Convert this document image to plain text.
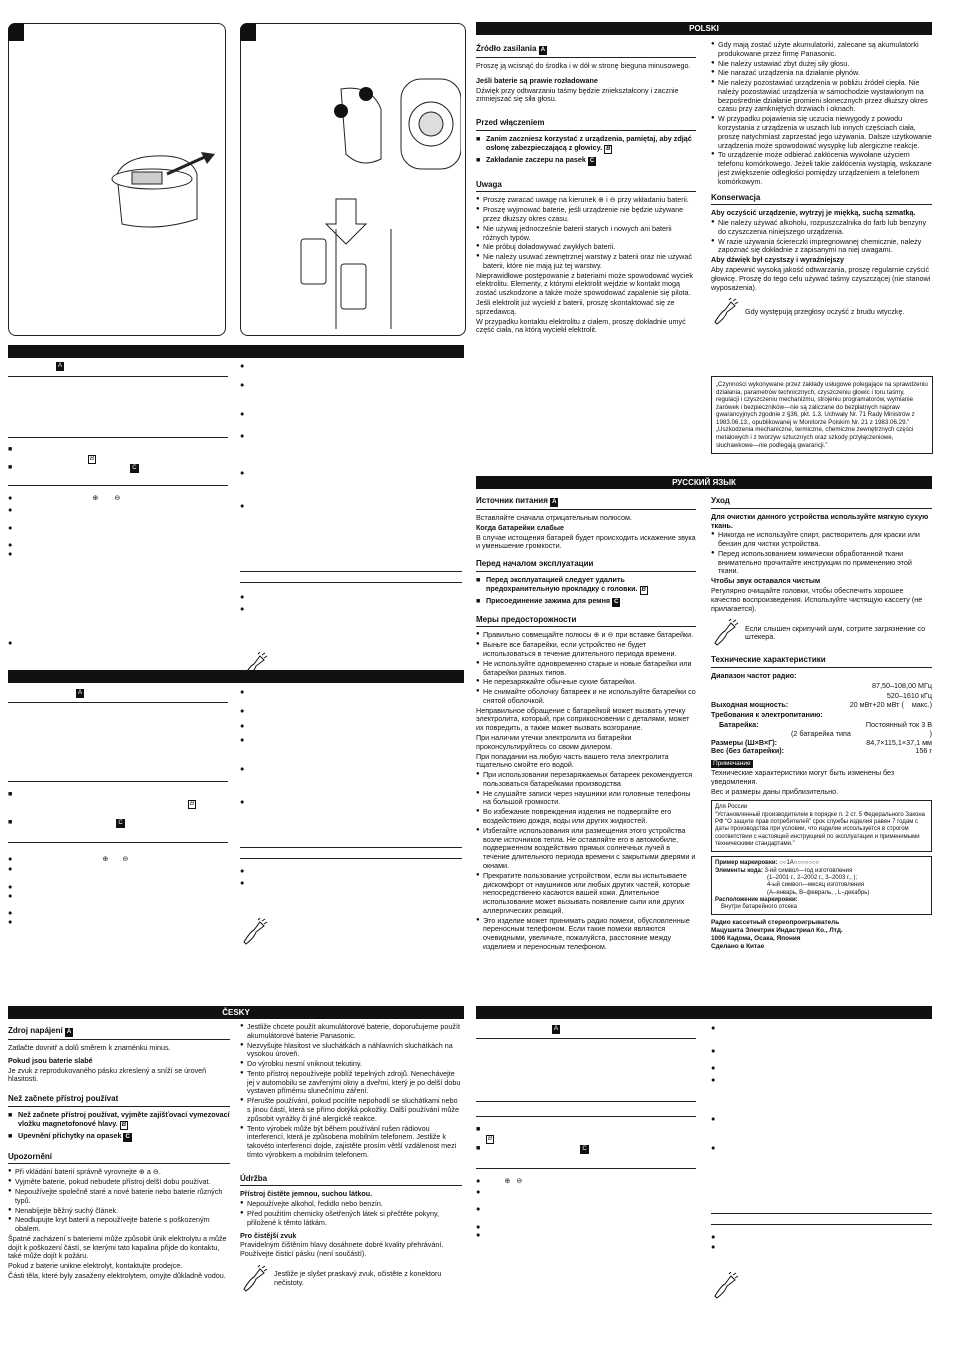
A
■
B
■	C
●	⊕ ⊖
●

●

●
●
●
●
●
●
●
●
●
●
●
A
■
B

■	C
●	⊕ ⊖
●

●
●

●
●
●
●
●
●
●
●
●
●
POLSKI
Źródło zasilania A
Proszę ją wcisnąć do środka i w dół w stronę bieguna minusowego.
Jeśli baterie są prawie rozładowane
Dźwięk przy odtwarzaniu taśmy będzie zniekształcony i zacznie zmniejszać się siła głosu.
Przed włączeniem
■ Zanim zaczniesz korzystać z urządzenia, pamiętaj, aby zdjąć osłonę zabezpieczającą z głowicy. B
■ Zakładanie zaczepu na pasek C
Uwaga
● Proszę zwracać uwagę na kierunek ⊕ i ⊖ przy wkładaniu baterii.
● Proszę wyjmować baterie, jeśli urządzenie nie będzie używane przez dłuższy okres czasu.
● Nie używaj jednocześnie baterii starych i nowych ani baterii różnych typów.
● Nie próbuj doładowywać zwykłych baterii.
● Nie należy usuwać zewnętrznej warstwy z baterii oraz nie używać baterii, które nie mają już tej warstwy.
Nieprawidłowe postępowanie z bateriami może spowodować wyciek elektrolitu. Elementy, z którymi elektrolit wejdzie w kontakt mogą zostać uszkodzone a także może spowodować zapalenie się pilota.
Jeśli elektrolit już wyciekł z baterii, proszę skontaktować się ze sprzedawcą.
W przypadku kontaktu elektrolitu z ciałem, proszę dokładnie umyć część ciała, na którą wyciekł elektrolit.
● Gdy mają zostać użyte akumulatorki, zalecane są akumulatorki produkowane przez firmę Panasonic.
● Nie należy ustawiać zbyt dużej siły głosu.
● Nie narażać urządzenia na działanie płynów.
● Nie należy pozostawiać urządzenia w pobliżu źródeł ciepła. Nie należy pozostawiać urządzenia w samochodzie wystawionym na bezpośrednie działanie promieni słonecznych przez dłuższy okres czasu przy zamkniętych drzwiach i oknach.
● W przypadku pojawienia się uczucia niewygody z powodu korzystania z urządzenia w uszach lub innych częściach ciała, proszę natychmiast zaprzestać jego używania. Dalsze użytkowanie urządzenia może spowodować wysypkę lub alergiczne reakcje.
● To urządzenie może odbierać zakłócenia wywołane użyciem telefonu komórkowego. Jeżeli takie zakłócenia wystąpią, wskazane jest zwiększenie odległości pomiędzy urządzeniem a telefonem komórkowym.
Konserwacja
Aby oczyścić urządzenie, wytrzyj je miękką, suchą szmatką.
● Nie należy używać alkoholu, rozpuszczalnika do farb lub benzyny do czyszczenia niniejszego urządzenia.
● W razie używania ściereczki impregnowanej chemicznie, należy zapoznać się dokładnie z zapisanymi na niej uwagami.
Aby dźwięk był czystszy i wyraźniejszy
Aby zapewnić wysoką jakość odtwarzania, proszę regularnie czyścić głowicę. Proszę do tego celu używać taśmy czyszczącej (nie stanowi wyposażenia).
Gdy występują przegłosy oczyść z brudu wtyczkę.
„Czynności wykonywane przez zakłady usługowe polegające na sprawdzeniu działania, parametrów technicznych, czyszczeniu głowic i toru taśmy, regulacji i czyszczeniu mechanizmu, strojeniu programatorów, wymianie żarówek i bezpieczników—nie są zaliczane do bezpłatnych napraw gwarancyjnych zgodnie z §36, pkt. 1.3. Uchwały Nr. 71 Rady Ministrów z 1983.06.13., opublikowanej w Monitorze Polskim Nr. 21 z 1983.06.29.”
„Uszkodzenia mechaniczne, termiczne, chemiczne zewnętrznych części metalowych i z tworzyw sztucznych oraz szkody przyłączeniowe, słuchawkowe—nie podlegają gwarancji.”
РУССКИЙ ЯЗЫК
Источник питания A
Вставляйте сначала отрицательным полюсом.
Когда батарейки слабые
В случае истощения батарей будет происходить искажение звука и уменьшение громкости.
Перед началом эксплуатации
■ Перед эксплуатацией следует удалить предохранительную прокладку с головки. B
■ Присоединение зажима для ремня C
Меры предосторожности
● Правильно совмещайте полюсы ⊕ и ⊖ при вставке батарейки.
● Выньте все батарейки, если устройство не будет использоваться в течение длительного периода времени.
● Не используйте одновременно старые и новые батарейки или батарейки разных типов.
● Не перезаряжайте обычные сухие батарейки.
● Не снимайте оболочку батареек и не используйте батарейки со снятой оболочкой.
Неправильное обращение с батарейкой может вызвать утечку электролита, который, при соприкосновении с деталями, может их повредить, а также может вызвать возгорание.
При наличии утечки электролита из батарейки проконсультируйтесь со своим дилером.
При попадании на любую часть вашего тела электролита тщательно смойте его водой.
● При использовании перезаряжаемых батареек рекомендуется пользоваться батарейками производства
● Не слушайте записи через наушники или головные телефоны на большой громкости.
● Во избежание повреждения изделия не подвергайте его воздействию дождя, воды или других жидкостей.
● Избегайте использования или размещения этого устройства возле источников тепла. Не оставляйте его в автомобиле, подверженном воздействию прямых солнечных лучей в течение длительного периода времени с закрытыми дверями и окнами.
● Прекратите пользование устройством, если вы испытываете дискомфорт от наушников или любых других частей, которые непосредственно касаются вашей кожи. Длительное использование может вызывать появление сыпи или других аллергических реакций.
● Это изделие может принимать радио помехи, обусловленные переносным телефоном. Если такие помехи являются очевидными, увеличьте, пожалуйста, расстояние между изделием и переносным телефоном.
Уход
Для очистки данного устройства используйте мягкую сухую ткань.
● Никогда не используйте спирт, растворитель для краски или бензин для чистки устройства.
● Перед использованием химически обработанной ткани внимательно прочитайте инструкции по применению этой ткани.
Чтобы звук оставался чистым
Регулярно очищайте головки, чтобы обеспечить хорошее качество воспроизведения. Используйте чистящую кассету (не прилагается).
Если слышен скрипучий шум, сотрите загрязнение со штекера.
Технические характеристики
Диапазон частот радио:
87,50–108,00 МГц
520–1610 кГц
Выходная мощность:	20 мВт+20 мВт ( макс.)
Требования к электропитанию:
Батарейка:	Постоянный ток 3 В
(2 батарейка типа	)
Размеры (Ш×В×Г):	84,7×115,1×37,1 мм
Вес (без батарейки):	156 г
Примечание
Технические характеристики могут быть изменены без уведомления.
Вес и размеры даны приблизительно.
Для России
“Установленный производителем в порядке п. 2 ст. 5 Федерального Закона РФ “О защите прав потребителей” срок службы изделия равен 7 годам с даты производства при условии, что изделие используется в строгом соответствии с настоящей инструкцией по эксплуатации и применимыми техническими стандартами.”
Пример маркировки: ○○1A○○○○○○○
Элементы кода: 3-ий символ—год изготовления
(1–2001 г., 2–2002 г., 3–2003 г., );
4-ый символ—месяц изготовления
(A–январь, B–февраль, , L–декабрь)
Расположение маркировки:
Внутри батарейного отсека
Радио кассетный стереопроигрыватель
Мацушита Электрик Индастриал Ко., Лтд.
1006 Кадома, Осака, Япония
Сделано в Китае
ČESKY
Zdroj napájení A
Zatlačte dovnitř a dolů směrem k znaménku minus.
Pokud jsou baterie slabé
Je zvuk z reprodukovaného pásku zkreslený a sníží se úroveň hlasitosti.
Než začnete přístroj používat
■ Než začnete přístroj používat, vyjměte zajišťovací vymezovací vložku magnetofonové hlavy. B
■ Upevnění příchytky na opasek C
Upozornění
● Při vkládání baterií správně vyrovnejte ⊕ a ⊖.
● Vyjměte baterie, pokud nebudete přístroj delší dobu používat.
● Nepoužívejte společně staré a nové baterie nebo baterie různých typů.
● Nenabíjejte běžný suchý článek.
● Neodlupujte kryt baterií a nepoužívejte baterie s poškozeným obalem.
Špatné zacházení s bateriemi může způsobit únik elektrolytu a může dojít k poškození částí, se kterými tato kapalina přijde do kontaktu, také může dojít k požáru.
Pokud z baterie unikne elektrolyt, kontaktujte prodejce.
Části těla, které byly zasaženy elektrolytem, omyjte důkladně vodou.
● Jestliže chcete použít akumulátorové baterie, doporučujeme použít akumulátorové baterie Panasonic.
● Nezvyšujte hlasitost ve sluchátkách a náhlavních sluchátkách na vysokou úroveň.
● Do výrobku nesmí vniknout tekutiny.
● Tento přístroj nepoužívejte poblíž tepelných zdrojů. Nenechávejte jej v automobilu se zavřenými okny a dveřmi, který je po delší dobu vystaven přímému slunečnímu záření.
● Přerušte používání, pokud pocítíte nepohodlí se sluchátkami nebo s jinou částí, která se přímo dotýká pokožky. Další používání může způsobit vyrážky či jiné alergické reakce.
● Tento výrobek může být během používání rušen rádiovou interferencí, která je způsobena mobilním telefonem. Jestliže k takovéto interferenci dojde, zajistěte prosím větší vzdálenost mezi tímto výrobkem a mobilním telefonem.
Údržba
Přístroj čistěte jemnou, suchou látkou.
● Nepoužívejte alkohol, ředidlo nebo benzín.
● Před použitím chemicky ošetřených látek si přečtěte pokyny, přiložené k těmto látkám.
Pro čistější zvuk
Pravidelným čištěním hlavy dosáhnete dobré kvality přehrávání. Používejte čisticí pásku (není součástí).
Jestliže je slyšet praskavý zvuk, očistěte z konektoru nečistoty.
A
■
B
■	C
●	⊕ ⊖
●

●

●
●
●
●
●
●
●
●
●
●
